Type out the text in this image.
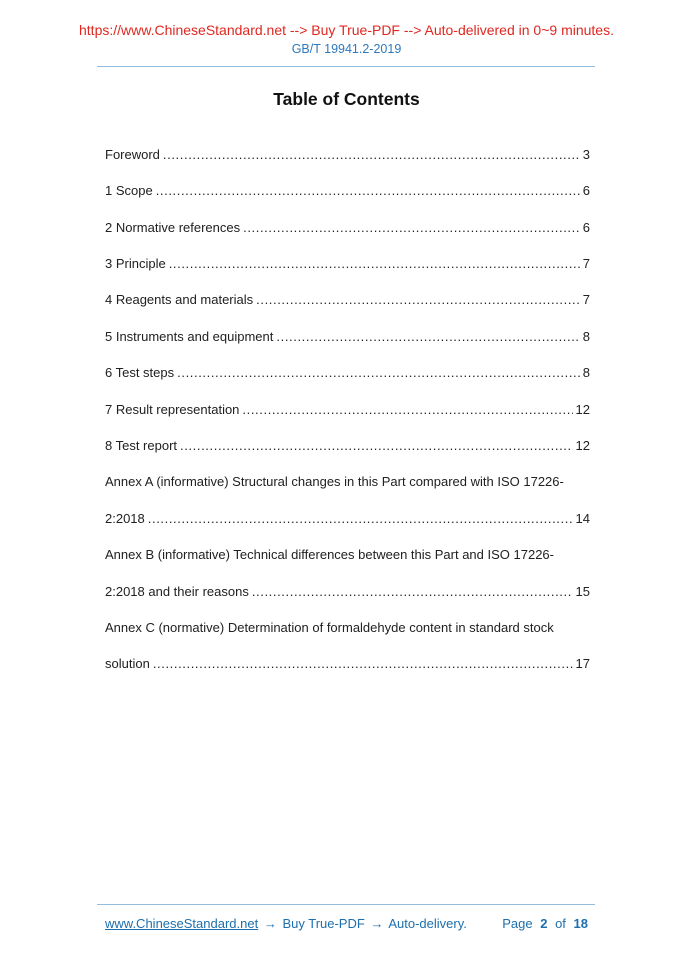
https://www.ChineseStandard.net --> Buy True-PDF --> Auto-delivered in 0~9 minutes.
GB/T 19941.2-2019
Table of Contents
Foreword .....	3
1 Scope .....	6
2 Normative references .....	6
3 Principle .....	7
4 Reagents and materials .....	7
5 Instruments and equipment .....	8
6 Test steps .....	8
7 Result representation .....	12
8 Test report .....	12
Annex A (informative) Structural changes in this Part compared with ISO 17226-
2:2018 .....	14
Annex B (informative) Technical differences between this Part and ISO 17226-
2:2018 and their reasons .....	15
Annex C (normative) Determination of formaldehyde content in standard stock
solution .....	17
www.ChineseStandard.net → Buy True-PDF → Auto-delivery.	Page 2 of 18
